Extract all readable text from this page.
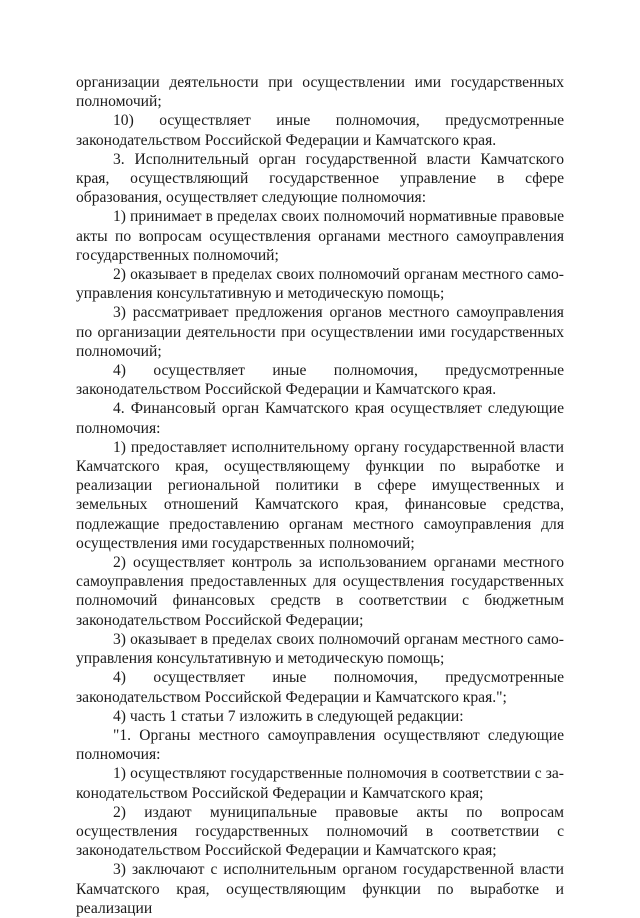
организации деятельности при осуществлении ими государственных полномочий;

10) осуществляет иные полномочия, предусмотренные законодательством Российской Федерации и Камчатского края.

3. Исполнительный орган государственной власти Камчатского края, осуществляющий государственное управление в сфере образования, осуществляет следующие полномочия:

1) принимает в пределах своих полномочий нормативные правовые акты по вопросам осуществления органами местного самоуправления государственных полномочий;

2) оказывает в пределах своих полномочий органам местного самоуправления консультативную и методическую помощь;

3) рассматривает предложения органов местного самоуправления по организации деятельности при осуществлении ими государственных полномочий;

4) осуществляет иные полномочия, предусмотренные законодательством Российской Федерации и Камчатского края.

4. Финансовый орган Камчатского края осуществляет следующие полномочия:

1) предоставляет исполнительному органу государственной власти Камчатского края, осуществляющему функции по выработке и реализации региональной политики в сфере имущественных и земельных отношений Камчатского края, финансовые средства, подлежащие предоставлению органам местного самоуправления для осуществления ими государственных полномочий;

2) осуществляет контроль за использованием органами местного самоуправления предоставленных для осуществления государственных полномочий финансовых средств в соответствии с бюджетным законодательством Российской Федерации;

3) оказывает в пределах своих полномочий органам местного самоуправления консультативную и методическую помощь;

4) осуществляет иные полномочия, предусмотренные законодательством Российской Федерации и Камчатского края.";

4) часть 1 статьи 7 изложить в следующей редакции:

"1. Органы местного самоуправления осуществляют следующие полномочия:

1) осуществляют государственные полномочия в соответствии с законодательством Российской Федерации и Камчатского края;

2) издают муниципальные правовые акты по вопросам осуществления государственных полномочий в соответствии с законодательством Российской Федерации и Камчатского края;

3) заключают с исполнительным органом государственной власти Камчатского края, осуществляющим функции по выработке и реализации
